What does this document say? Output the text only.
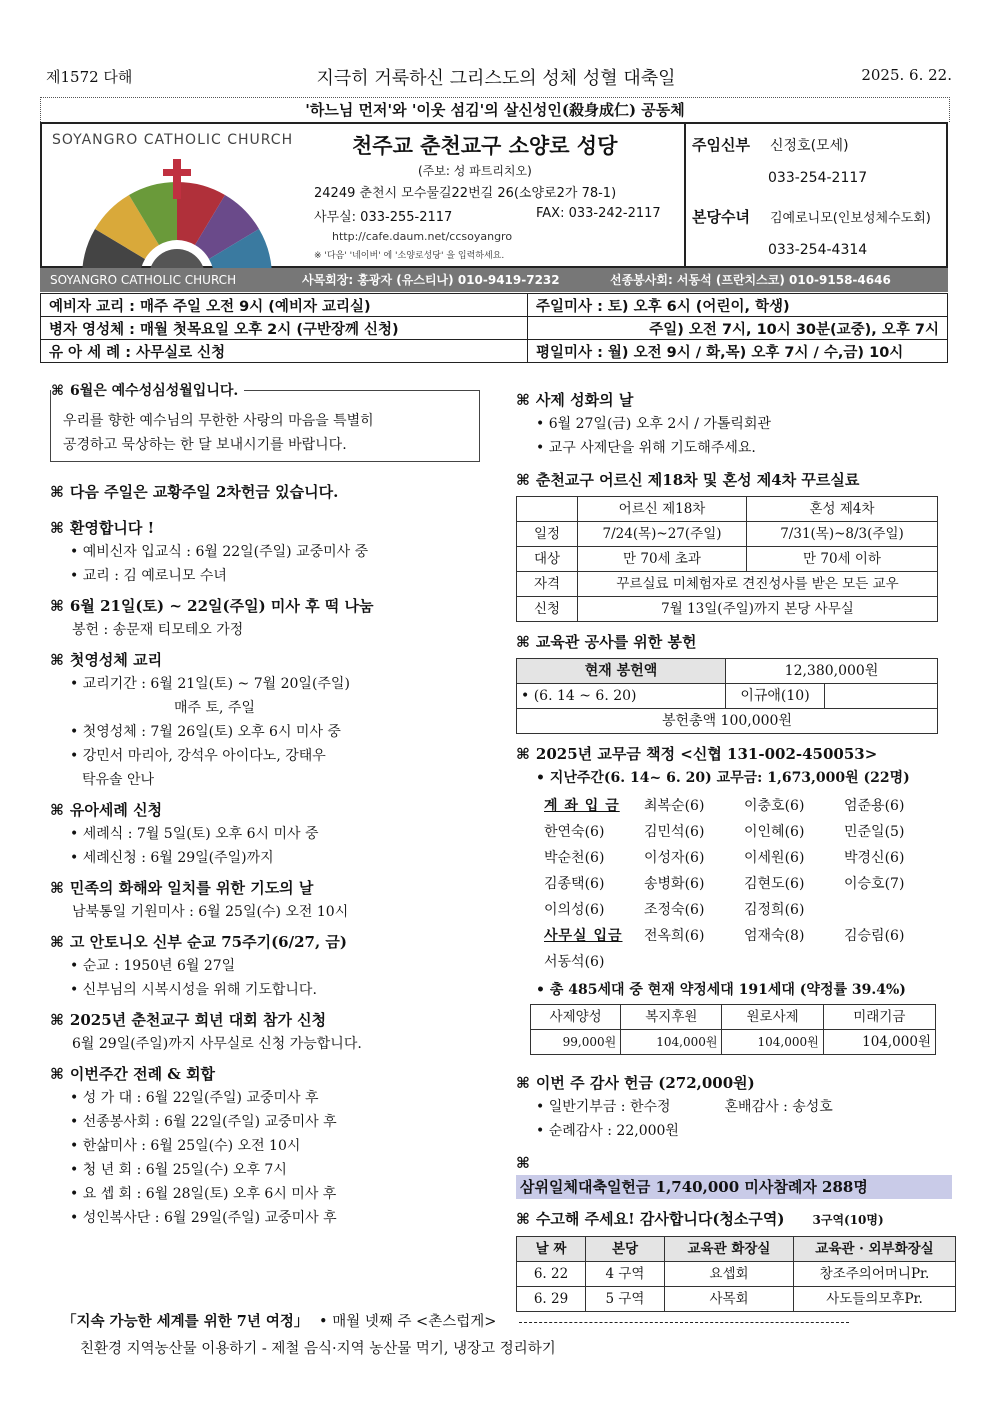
제1572 다해	지극히 거룩하신 그리스도의 성체 성혈 대축일	2025. 6. 22.
'하느님 먼저'와 '이웃 섬김'의 살신성인(殺身成仁) 공동체
SOYANGRO CATHOLIC CHURCH	천주교 춘천교구 소양로 성당
(주보: 성 파트리치오)
24249 춘천시 모수물길22번길 26(소양로2가 78-1)
사무실: 033-255-2117	FAX: 033-242-2117
http://cafe.daum.net/ccsoyangro
※ '다음' '네이버' 에 '소양로성당' 을 입력하세요.
주임신부 신정호(모세)
033-254-2117
본당수녀 김예로니모(인보성체수도회)
033-254-4314
SOYANGRO CATHOLIC CHURCH	사목회장: 홍광자 (유스티나) 010-9419-7232	선종봉사회: 서동석 (프란치스코) 010-9158-4646
예비자 교리 : 매주 주일 오전 9시 (예비자 교리실)	주일미사 : 토) 오후 6시 (어린이, 학생)
병자 영성체 : 매월 첫목요일 오후 2시 (구반장께 신청)	주일) 오전 7시, 10시 30분(교중), 오후 7시
유 아 세 례 : 사무실로 신청	평일미사 : 월) 오전 9시 / 화,목) 오후 7시 / 수,금) 10시
⌘ 6월은 예수성심성월입니다.
우리를 향한 예수님의 무한한 사랑의 마음을 특별히
공경하고 묵상하는 한 달 보내시기를 바랍니다.
⌘ 다음 주일은 교황주일 2차헌금 있습니다.
⌘ 환영합니다 !
• 예비신자 입교식 : 6월 22일(주일) 교중미사 중
• 교리 : 김 예로니모 수녀
⌘ 6월 21일(토) ~ 22일(주일) 미사 후 떡 나눔
봉헌 : 송문재 티모테오 가정
⌘ 첫영성체 교리
• 교리기간 : 6월 21일(토) ~ 7월 20일(주일)
매주 토, 주일
• 첫영성체 : 7월 26일(토) 오후 6시 미사 중
• 강민서 마리아, 강석우 아이다노, 강태우
탁유솔 안나
⌘ 유아세례 신청
• 세례식 : 7월 5일(토) 오후 6시 미사 중
• 세례신청 : 6월 29일(주일)까지
⌘ 민족의 화해와 일치를 위한 기도의 날
남북통일 기원미사 : 6월 25일(수) 오전 10시
⌘ 고 안토니오 신부 순교 75주기(6/27, 금)
• 순교 : 1950년 6월 27일
• 신부님의 시복시성을 위해 기도합니다.
⌘ 2025년 춘천교구 희년 대회 참가 신청
6월 29일(주일)까지 사무실로 신청 가능합니다.
⌘ 이번주간 전례 & 회합
• 성 가 대 : 6월 22일(주일) 교중미사 후
• 선종봉사회 : 6월 22일(주일) 교중미사 후
• 한삶미사 : 6월 25일(수) 오전 10시
• 청 년 회 : 6월 25일(수) 오후 7시
• 요 셉 회 : 6월 28일(토) 오후 6시 미사 후
• 성인복사단 : 6월 29일(주일) 교중미사 후
⌘ 사제 성화의 날
• 6월 27일(금) 오후 2시 / 가톨릭회관
• 교구 사제단을 위해 기도해주세요.
⌘ 춘천교구 어르신 제18차 및 혼성 제4차 꾸르실료
	어르신 제18차	혼성 제4차
일정	7/24(목)~27(주일)	7/31(목)~8/3(주일)
대상	만 70세 초과	만 70세 이하
자격	꾸르실료 미체험자로 견진성사를 받은 모든 교우	
신청	7월 13일(주일)까지 본당 사무실	
⌘ 교육관 공사를 위한 봉헌
현재 봉헌액	12,380,000원	
• (6. 14 ~ 6. 20)	이규애(10)	
봉헌총액 100,000원		
⌘ 2025년 교무금 책정 <신협 131-002-450053>
• 지난주간(6. 14~ 6. 20) 교무금: 1,673,000원 (22명)
계 좌 입 금	최복순(6)	이충호(6)	엄준용(6)
한연숙(6)	김민석(6)	이인혜(6)	민준일(5)
박순천(6)	이성자(6)	이세원(6)	박경신(6)
김종택(6)	송병화(6)	김현도(6)	이승호(7)
이의성(6)	조정숙(6)	김정희(6)
사무실 입금	전옥희(6)	엄재숙(8)	김승림(6)
서동석(6)
• 총 485세대 중 현재 약정세대 191세대 (약정률 39.4%)
사제양성	복지후원	원로사제	미래기금
99,000원	104,000원	104,000원	104,000원
⌘ 이번 주 감사 헌금 (272,000원)
• 일반기부금 : 한수정	혼배감사 : 송성호
• 순례감사 : 22,000원
⌘삼위일체대축일헌금 1,740,000 미사참례자 288명
⌘ 수고해 주세요! 감사합니다(청소구역) 3구역(10명)
날 짜	본당	교육관 화장실	교육관 · 외부화장실
6. 22	4 구역	요셉회	창조주의어머니Pr.
6. 29	5 구역	사목회	사도들의모후Pr.
「지속 가능한 세계를 위한 7년 여정」 • 매월 넷째 주 <촌스럽게>
친환경 지역농산물 이용하기 - 제철 음식·지역 농산물 먹기, 냉장고 정리하기
